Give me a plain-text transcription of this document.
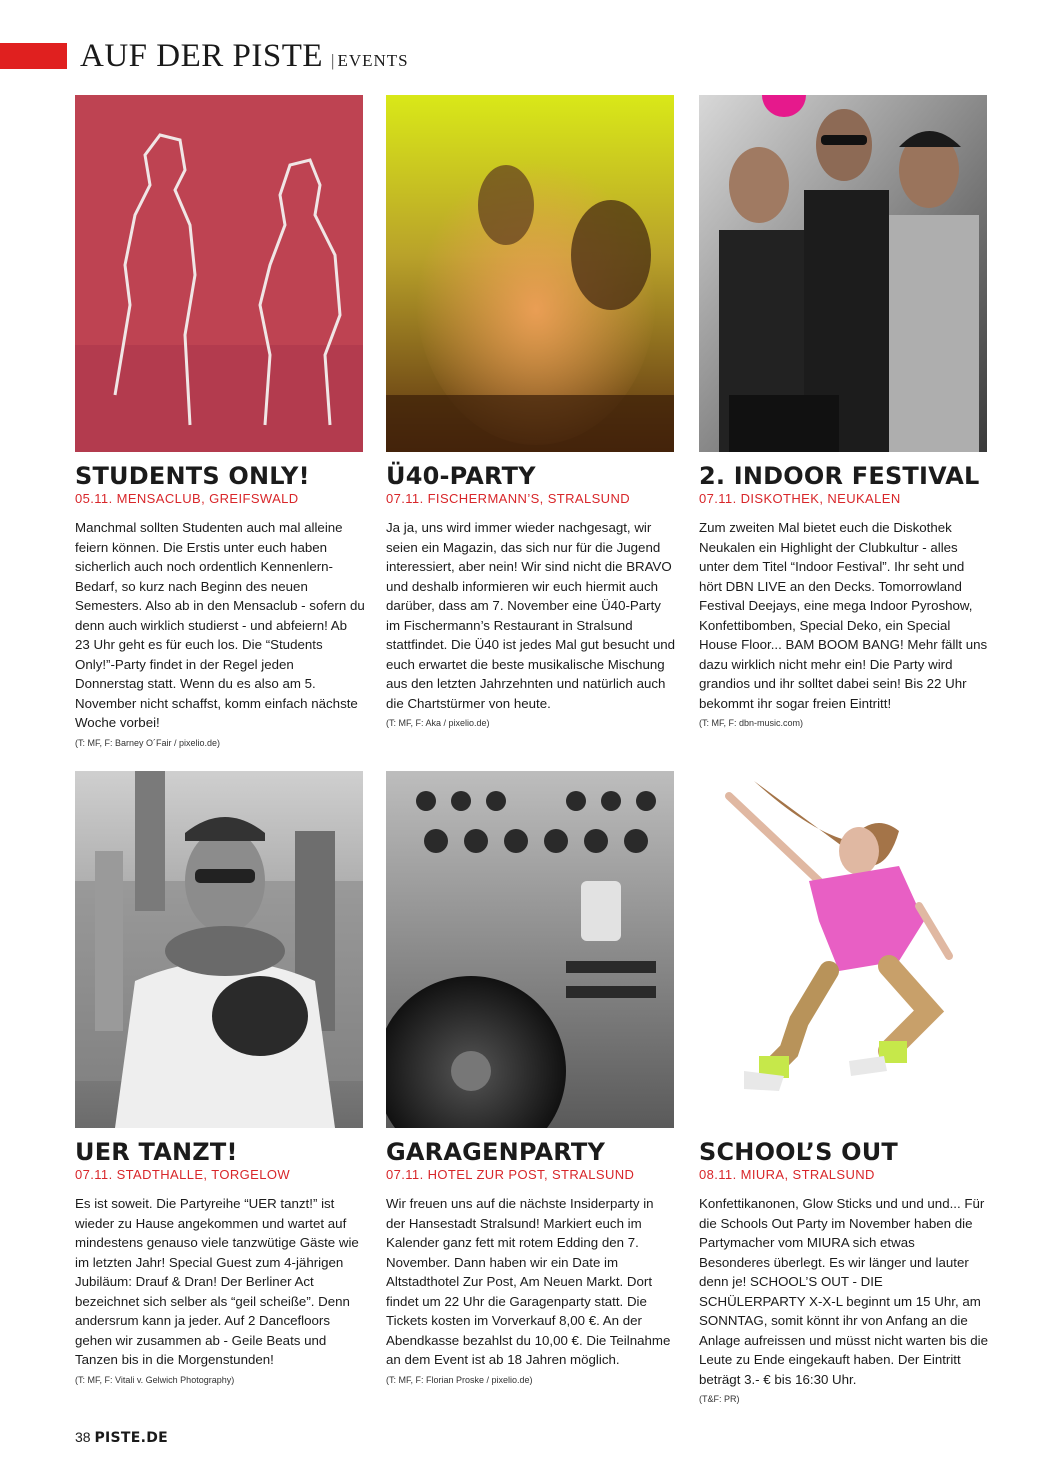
AUF DER PISTE | EVENTS
STUDENTS ONLY!
05.11. MENSACLUB, GREIFSWALD
Manchmal sollten Studenten auch mal alleine feiern können. Die Erstis unter euch haben sicherlich auch noch ordentlich Kennenlern-Bedarf, so kurz nach Beginn des neuen Semesters. Also ab in den Mensaclub - sofern du denn auch wirklich studierst - und abfeiern! Ab 23 Uhr geht es für euch los. Die “Students Only!”-Party findet in der Regel jeden Donnerstag statt. Wenn du es also am 5. November nicht schaffst, komm einfach nächste Woche vorbei!
(T: MF, F: Barney O´Fair / pixelio.de)
Ü40-PARTY
07.11. FISCHERMANN’S, STRALSUND
Ja ja, uns wird immer wieder nachgesagt, wir seien ein Magazin, das sich nur für die Jugend interessiert, aber nein! Wir sind nicht die BRAVO und deshalb informieren wir euch hiermit auch darüber, dass am 7. November eine Ü40-Party im Fischermann’s Restaurant in Stralsund stattfindet. Die Ü40 ist jedes Mal gut besucht und euch erwartet die beste musikalische Mischung aus den letzten Jahrzehnten und natürlich auch die Chartstürmer von heute.
(T: MF, F: Aka / pixelio.de)
2. INDOOR FESTIVAL
07.11. DISKOTHEK, NEUKALEN
Zum zweiten Mal bietet euch die Diskothek Neukalen ein Highlight der Clubkultur - alles unter dem Titel “Indoor Festival”. Ihr seht und hört DBN LIVE an den Decks. Tomorrowland Festival Deejays, eine mega Indoor Pyroshow, Konfettibomben, Special Deko, ein Special House Floor... BAM BOOM BANG! Mehr fällt uns dazu wirklich nicht mehr ein! Die Party wird grandios und ihr solltet dabei sein! Bis 22 Uhr bekommt ihr sogar freien Eintritt!
(T: MF, F: dbn-music.com)
UER TANZT!
07.11. STADTHALLE, TORGELOW
Es ist soweit. Die Partyreihe “UER tanzt!” ist wieder zu Hause angekommen und wartet auf mindestens genauso viele tanzwütige Gäste wie im letzten Jahr! Special Guest zum 4-jährigen Jubiläum: Drauf & Dran! Der Berliner Act bezeichnet sich selber als “geil scheiße”. Denn andersrum kann ja jeder. Auf 2 Dancefloors gehen wir zusammen ab - Geile Beats und Tanzen bis in die Morgenstunden!
(T: MF, F: Vitali v. Gelwich Photography)
GARAGENPARTY
07.11. HOTEL ZUR POST, STRALSUND
Wir freuen uns auf die nächste Insiderparty in der Hansestadt Stralsund! Markiert euch im Kalender ganz fett mit rotem Edding den 7. November. Dann haben wir ein Date im Altstadthotel Zur Post, Am Neuen Markt. Dort findet um 22 Uhr die Garagenparty statt. Die Tickets kosten im Vorverkauf 8,00 €. An der Abendkasse bezahlst du 10,00 €. Die Teilnahme an dem Event ist ab 18 Jahren möglich.
(T: MF, F: Florian Proske / pixelio.de)
SCHOOL’S OUT
08.11. MIURA, STRALSUND
Konfettikanonen, Glow Sticks und und und... Für die Schools Out Party im November haben die Partymacher vom MIURA sich etwas Besonderes überlegt. Es wir länger und lauter denn je! SCHOOL’S OUT - DIE SCHÜLERPARTY X-X-L beginnt um 15 Uhr, am SONNTAG, somit könnt ihr von Anfang an die Anlage aufreissen und müsst nicht warten bis die Leute zu Ende eingekauft haben. Der Eintritt beträgt 3.- € bis 16:30 Uhr.
(T&F: PR)
38 PISTE.DE
